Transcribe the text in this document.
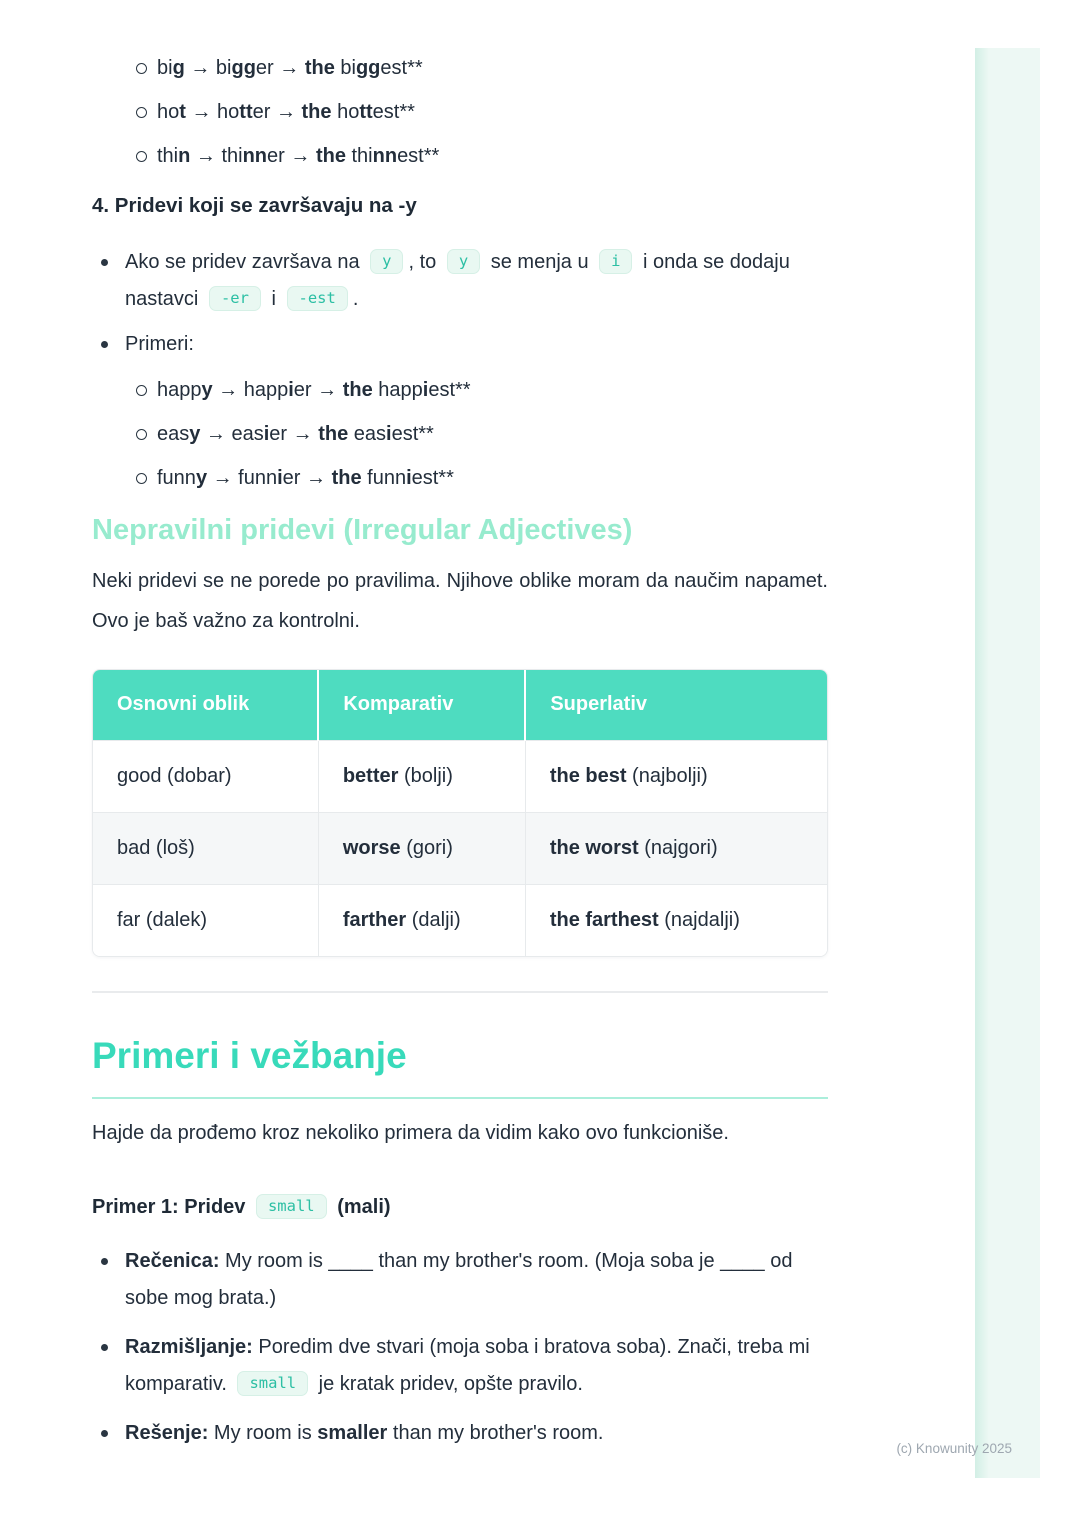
(c) Knowunity 2025
big → bigger → the biggest**
hot → hotter → the hottest**
thin → thinner → the thinnest**
4. Pridevi koji se završavaju na -y
Ako se pridev završava na y , to y se menja u i i onda se dodaju nastavci -er i -est .
Primeri:
happy → happier → the happiest**
easy → easier → the easiest**
funny → funnier → the funniest**
Nepravilni pridevi (Irregular Adjectives)

Neki pridevi se ne porede po pravilima. Njihove oblike moram da naučim napamet. Ovo je baš važno za kontrolni.

Osnovni oblik	Komparativ	Superlativ
good (dobar)	better (bolji)	the best (najbolji)
bad (loš)	worse (gori)	the worst (najgori)
far (dalek)	farther (dalji)	the farthest (najdalji)
Primeri i vežbanje

Hajde da prođemo kroz nekoliko primera da vidim kako ovo funkcioniše.

Primer 1: Pridev small (mali)

Rečenica: My room is ____ than my brother's room. (Moja soba je ____ od sobe mog brata.)
Razmišljanje: Poredim dve stvari (moja soba i bratova soba). Znači, treba mi komparativ. small je kratak pridev, opšte pravilo.
Rešenje: My room is smaller than my brother's room.
